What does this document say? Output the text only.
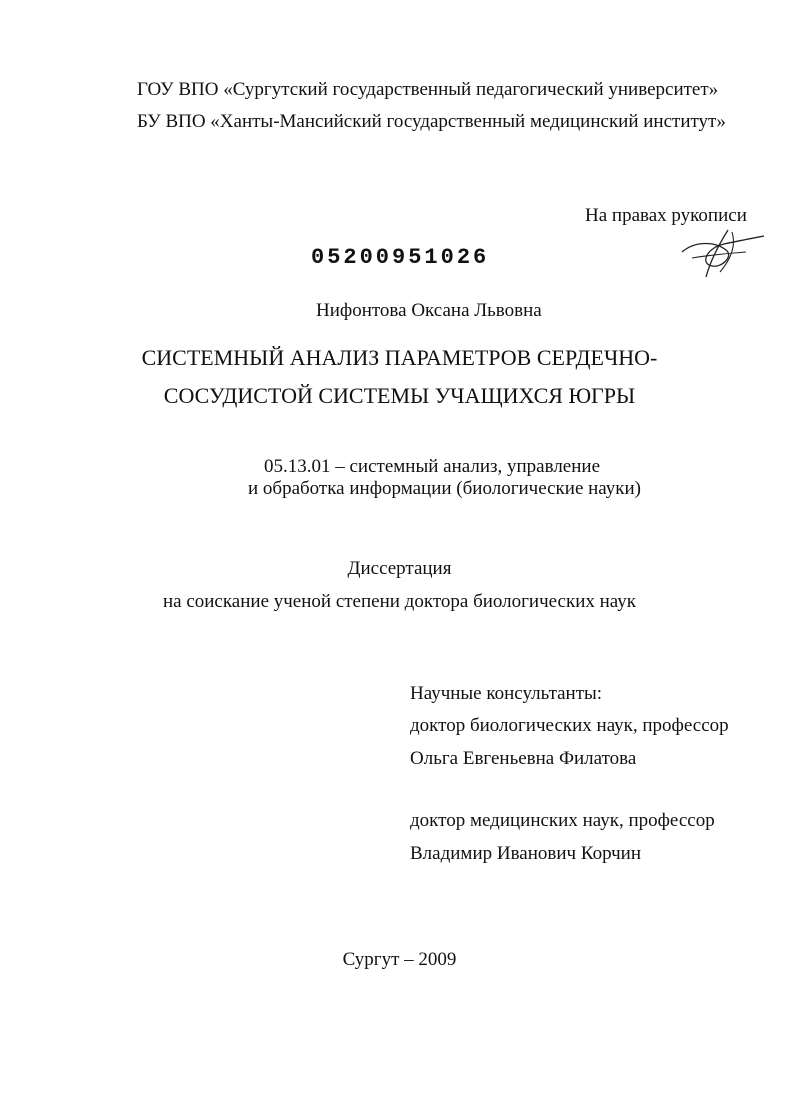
ГОУ ВПО «Сургутский государственный педагогический университет»
БУ ВПО «Ханты-Мансийский государственный медицинский институт»
На правах рукописи
05200951026
Нифонтова Оксана Львовна
СИСТЕМНЫЙ АНАЛИЗ ПАРАМЕТРОВ СЕРДЕЧНО-
СОСУДИСТОЙ СИСТЕМЫ УЧАЩИХСЯ ЮГРЫ
05.13.01 – системный анализ, управление
и обработка информации (биологические науки)
Диссертация
на соискание ученой степени доктора биологических наук
Научные консультанты:
доктор биологических наук, профессор
Ольга Евгеньевна Филатова
доктор медицинских наук, профессор
Владимир Иванович Корчин
Сургут – 2009
